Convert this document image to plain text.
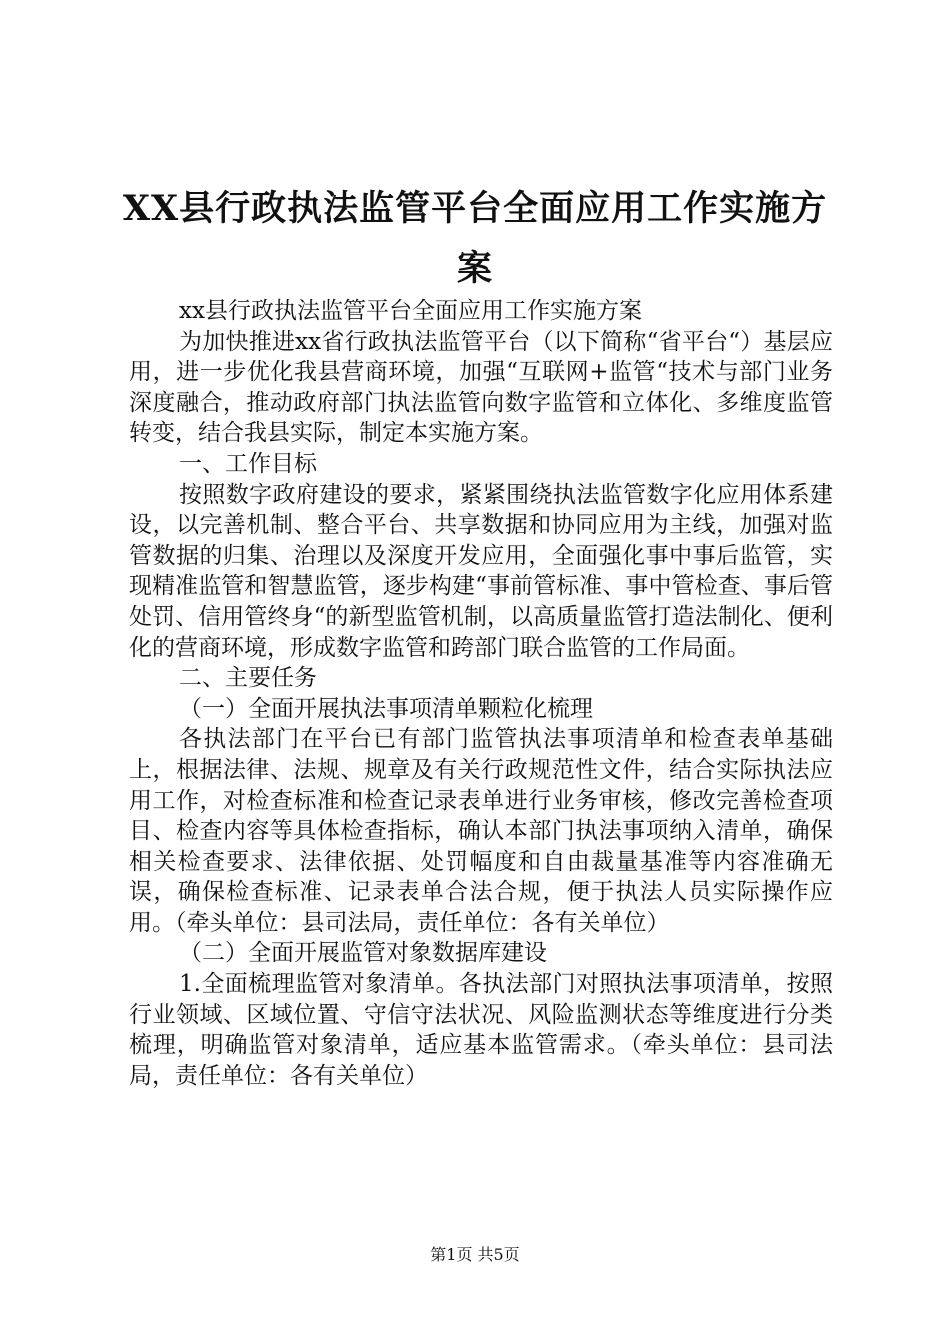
XX县行政执法监管平台全面应用工作实施方
案

xx县行政执法监管平台全面应用工作实施方案

为加快推进xx省行政执法监管平台（以下简称“省平台“）基层应用，进一步优化我县营商环境，加强“互联网+监管“技术与部门业务深度融合，推动政府部门执法监管向数字监管和立体化、多维度监管转变，结合我县实际，制定本实施方案。

一、工作目标

按照数字政府建设的要求，紧紧围绕执法监管数字化应用体系建设，以完善机制、整合平台、共享数据和协同应用为主线，加强对监管数据的归集、治理以及深度开发应用，全面强化事中事后监管，实现精准监管和智慧监管，逐步构建“事前管标准、事中管检查、事后管处罚、信用管终身“的新型监管机制，以高质量监管打造法制化、便利化的营商环境，形成数字监管和跨部门联合监管的工作局面。

二、主要任务

（一）全面开展执法事项清单颗粒化梳理

各执法部门在平台已有部门监管执法事项清单和检查表单基础上，根据法律、法规、规章及有关行政规范性文件，结合实际执法应用工作，对检查标准和检查记录表单进行业务审核，修改完善检查项目、检查内容等具体检查指标，确认本部门执法事项纳入清单，确保相关检查要求、法律依据、处罚幅度和自由裁量基准等内容准确无误，确保检查标准、记录表单合法合规，便于执法人员实际操作应用。（牵头单位：县司法局，责任单位：各有关单位）

（二）全面开展监管对象数据库建设

1.全面梳理监管对象清单。各执法部门对照执法事项清单，按照行业领域、区域位置、守信守法状况、风险监测状态等维度进行分类梳理，明确监管对象清单，适应基本监管需求。（牵头单位：县司法局，责任单位：各有关单位）

第1页 共5页
